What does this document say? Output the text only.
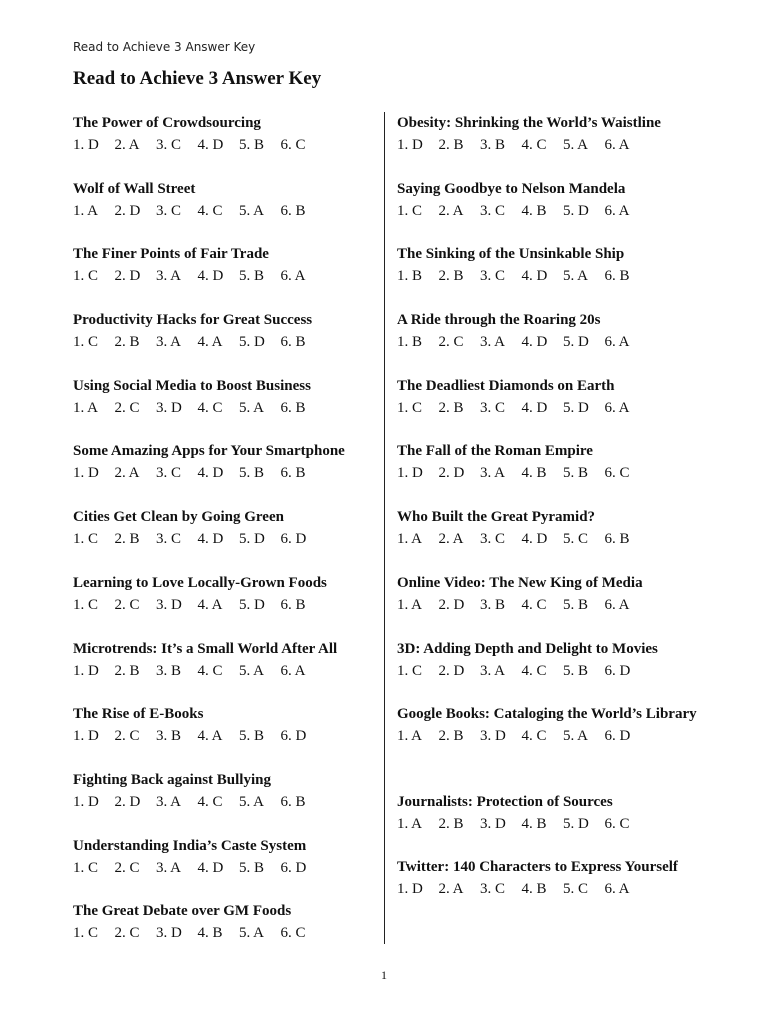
Read to Achieve 3 Answer Key
Read to Achieve 3 Answer Key
The Power of Crowdsourcing
1. D	2. A	3. C	4. D	5. B	6. C
Wolf of Wall Street
1. A	2. D	3. C	4. C	5. A	6. B
The Finer Points of Fair Trade
1. C	2. D	3. A	4. D	5. B	6. A
Productivity Hacks for Great Success
1. C	2. B	3. A	4. A	5. D	6. B
Using Social Media to Boost Business
1. A	2. C	3. D	4. C	5. A	6. B
Some Amazing Apps for Your Smartphone
1. D	2. A	3. C	4. D	5. B	6. B
Cities Get Clean by Going Green
1. C	2. B	3. C	4. D	5. D	6. D
Learning to Love Locally-Grown Foods
1. C	2. C	3. D	4. A	5. D	6. B
Microtrends: It’s a Small World After All
1. D	2. B	3. B	4. C	5. A	6. A
The Rise of E-Books
1. D	2. C	3. B	4. A	5. B	6. D
Fighting Back against Bullying
1. D	2. D	3. A	4. C	5. A	6. B
Understanding India’s Caste System
1. C	2. C	3. A	4. D	5. B	6. D
The Great Debate over GM Foods
1. C	2. C	3. D	4. B	5. A	6. C
Obesity: Shrinking the World’s Waistline
1. D	2. B	3. B	4. C	5. A	6. A
Saying Goodbye to Nelson Mandela
1. C	2. A	3. C	4. B	5. D	6. A
The Sinking of the Unsinkable Ship
1. B	2. B	3. C	4. D	5. A	6. B
A Ride through the Roaring 20s
1. B	2. C	3. A	4. D	5. D	6. A
The Deadliest Diamonds on Earth
1. C	2. B	3. C	4. D	5. D	6. A
The Fall of the Roman Empire
1. D	2. D	3. A	4. B	5. B	6. C
Who Built the Great Pyramid?
1. A	2. A	3. C	4. D	5. C	6. B
Online Video: The New King of Media
1. A	2. D	3. B	4. C	5. B	6. A
3D: Adding Depth and Delight to Movies
1. C	2. D	3. A	4. C	5. B	6. D
Google Books: Cataloging the World’s Library
1. A	2. B	3. D	4. C	5. A	6. D
Journalists: Protection of Sources
1. A	2. B	3. D	4. B	5. D	6. C
Twitter: 140 Characters to Express Yourself
1. D	2. A	3. C	4. B	5. C	6. A
1
